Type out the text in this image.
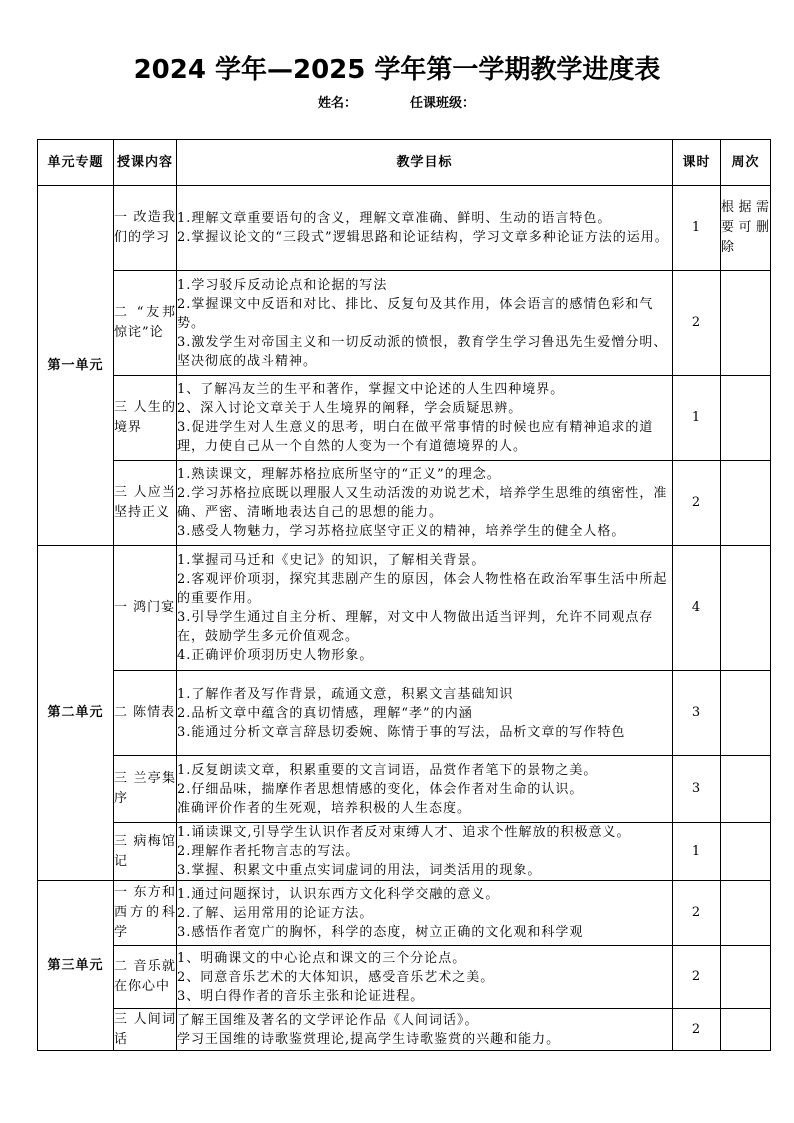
2024 学年—2025 学年第一学期教学进度表
姓名：	任课班级：
单元专题	授课内容	教学目标	课时	周次
第一单元	一 改造我们的学习	1.理解文章重要语句的含义，理解文章准确、鲜明、生动的语言特色。
2.掌握议论文的“三段式”逻辑思路和论证结构，学习文章多种论证方法的运用。	1	根据需要可删除

	二 “友邦惊诧”论	1.学习驳斥反动论点和论据的写法
2.掌握课文中反语和对比、排比、反复句及其作用，体会语言的感情色彩和气势。
3.激发学生对帝国主义和一切反动派的愤恨，教育学生学习鲁迅先生爱憎分明、坚决彻底的战斗精神。	2	

	三 人生的境界	1、了解冯友兰的生平和著作，掌握文中论述的人生四种境界。
2、深入讨论文章关于人生境界的阐释，学会质疑思辨。
3.促进学生对人生意义的思考，明白在做平常事情的时候也应有精神追求的道理，力使自己从一个自然的人变为一个有道德境界的人。	1	

	三 人应当坚持正义	1.熟读课文，理解苏格拉底所坚守的“正义”的理念。
2.学习苏格拉底既以理服人又生动活泼的劝说艺术，培养学生思维的缜密性，准确、严密、清晰地表达自己的思想的能力。
3.感受人物魅力，学习苏格拉底坚守正义的精神，培养学生的健全人格。	2	
第二单元	一 鸿门宴	1.掌握司马迁和《史记》的知识，了解相关背景。
2.客观评价项羽，探究其悲剧产生的原因，体会人物性格在政治军事生活中所起的重要作用。
3.引导学生通过自主分析、理解，对文中人物做出适当评判，允许不同观点存在，鼓励学生多元价值观念。
4.正确评价项羽历史人物形象。	4	

	二 陈情表	1.了解作者及写作背景，疏通文意，积累文言基础知识
2.品析文章中蕴含的真切情感，理解“孝”的内涵
3.能通过分析文章言辞恳切委婉、陈情于事的写法，品析文章的写作特色	3	

	三 兰亭集序	1.反复朗读文章，积累重要的文言词语，品赏作者笔下的景物之美。
2.仔细品味，揣摩作者思想情感的变化，体会作者对生命的认识。
准确评价作者的生死观，培养积极的人生态度。	3	

	三 病梅馆记	1.诵读课文,引导学生认识作者反对束缚人才、追求个性解放的积极意义。
2.理解作者托物言志的写法。
3.掌握、积累文中重点实词虚词的用法，词类活用的现象。	1	
第三单元	一 东方和西方的科学	1.通过问题探讨，认识东西方文化科学交融的意义。
2.了解、运用常用的论证方法。
3.感悟作者宽广的胸怀，科学的态度，树立正确的文化观和科学观	2	

	二 音乐就在你心中	1、明确课文的中心论点和课文的三个分论点。
2、同意音乐艺术的大体知识，感受音乐艺术之美。
3、明白得作者的音乐主张和论证进程。	2	

	三 人间词话	了解王国维及著名的文学评论作品《人间词话》。
学习王国维的诗歌鉴赏理论,提高学生诗歌鉴赏的兴趣和能力。	2	
